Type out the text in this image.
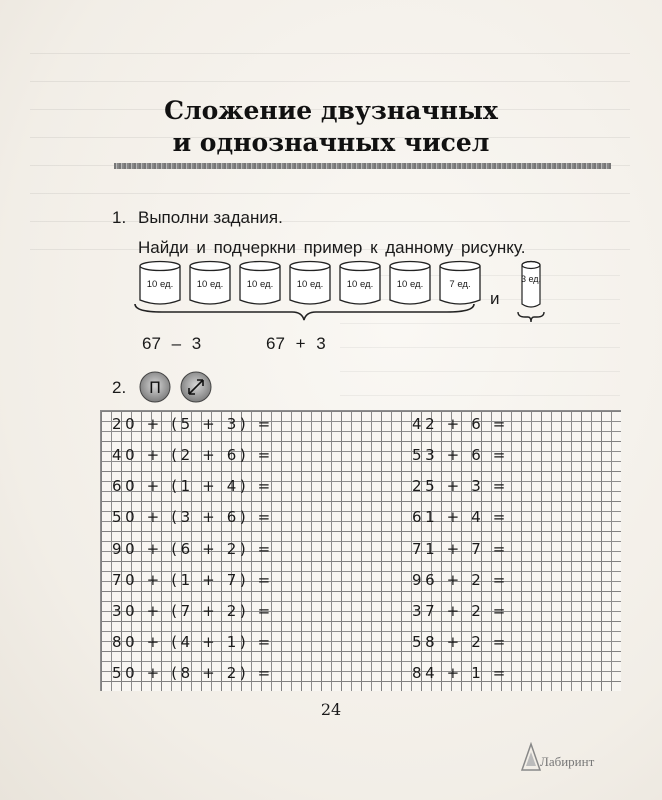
Сложение двузначных
и однозначных чисел
1. Выполни задания.
Найди и подчеркни пример к данному рисунку.
10 ед.	10 ед.	10 ед.	10 ед.	10 ед.	10 ед.	7 ед.
и
3 ед.
67 – 3	67 + 3
2. П
20 + (5 + 3) =
40 + (2 + 6) =
60 + (1 + 4) =
50 + (3 + 6) =
90 + (6 + 2) =
70 + (1 + 7) =
30 + (7 + 2) =
80 + (4 + 1) =
50 + (8 + 2) =
42 + 6 =
53 + 6 =
25 + 3 =
61 + 4 =
71 + 7 =
96 + 2 =
37 + 2 =
58 + 2 =
84 + 1 =
24
Лабиринт
